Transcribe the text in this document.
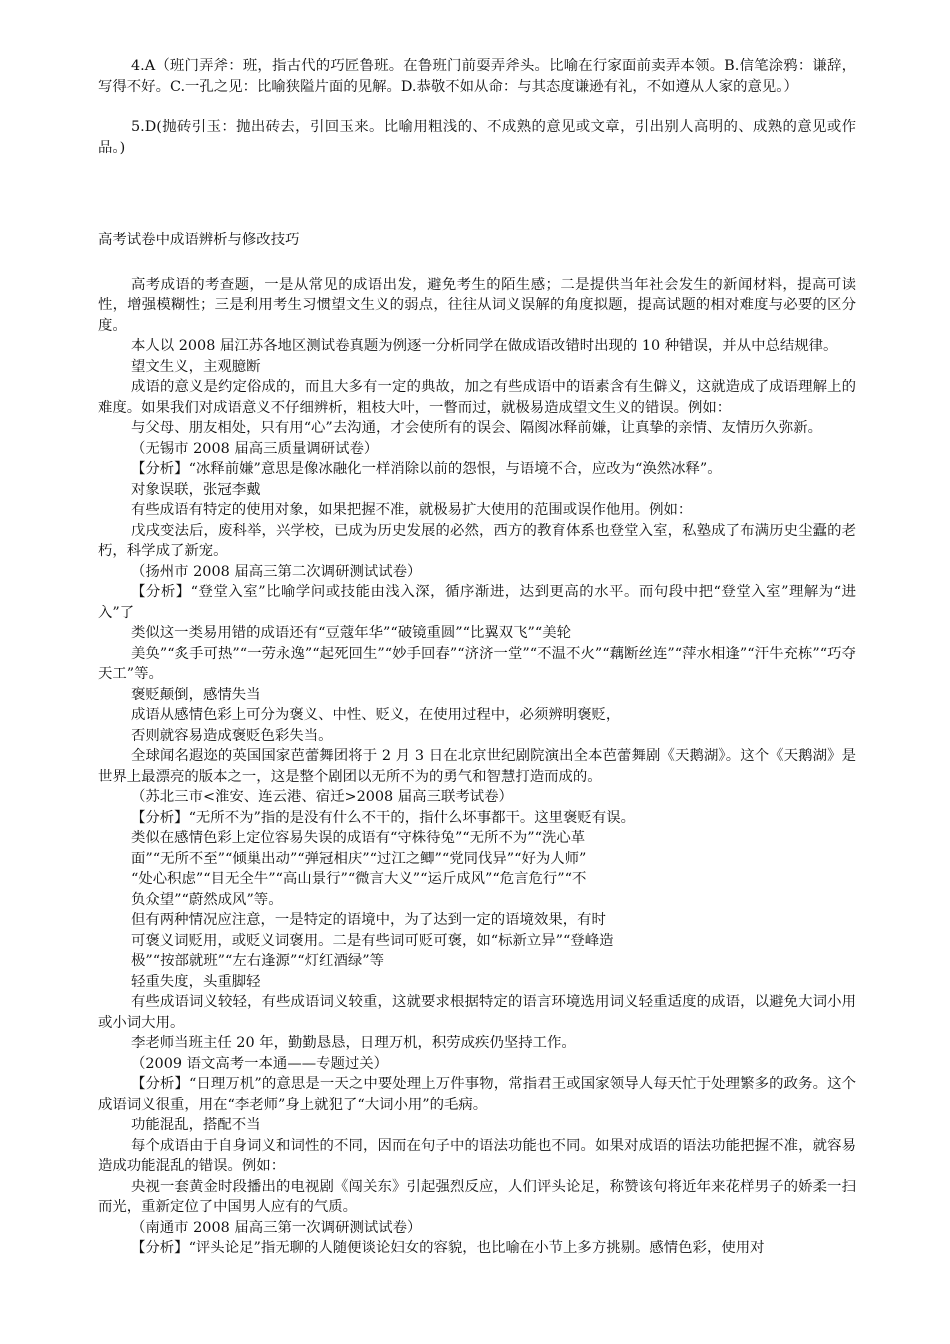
4.A（班门弄斧：班，指古代的巧匠鲁班。在鲁班门前耍弄斧头。比喻在行家面前卖弄本领。B.信笔涂鸦：谦辞，写得不好。C.一孔之见：比喻狭隘片面的见解。D.恭敬不如从命：与其态度谦逊有礼，不如遵从人家的意见。）

5.D(抛砖引玉：抛出砖去，引回玉来。比喻用粗浅的、不成熟的意见或文章，引出别人高明的、成熟的意见或作品。)

高考试卷中成语辨析与修改技巧

高考成语的考查题，一是从常见的成语出发，避免考生的陌生感；二是提供当年社会发生的新闻材料，提高可读性，增强模糊性；三是利用考生习惯望文生义的弱点，往往从词义误解的角度拟题，提高试题的相对难度与必要的区分度。

本人以 2008 届江苏各地区测试卷真题为例逐一分析同学在做成语改错时出现的 10 种错误，并从中总结规律。

望文生义，主观臆断

成语的意义是约定俗成的，而且大多有一定的典故，加之有些成语中的语素含有生僻义，这就造成了成语理解上的难度。如果我们对成语意义不仔细辨析，粗枝大叶，一瞥而过，就极易造成望文生义的错误。例如：

与父母、朋友相处，只有用“心”去沟通，才会使所有的误会、隔阂冰释前嫌，让真挚的亲情、友情历久弥新。

（无锡市 2008 届高三质量调研试卷）

【分析】“冰释前嫌”意思是像冰融化一样消除以前的怨恨，与语境不合，应改为“涣然冰释”。

对象误联，张冠李戴

有些成语有特定的使用对象，如果把握不准，就极易扩大使用的范围或误作他用。例如：

戊戌变法后，废科举，兴学校，已成为历史发展的必然，西方的教育体系也登堂入室，私塾成了布满历史尘蠹的老朽，科学成了新宠。

（扬州市 2008 届高三第二次调研测试试卷）

【分析】“登堂入室”比喻学问或技能由浅入深，循序渐进，达到更高的水平。而句段中把“登堂入室”理解为“进入”了

类似这一类易用错的成语还有“豆蔻年华”“破镜重圆”“比翼双飞”“美轮

美奂”“炙手可热”“一劳永逸”“起死回生”“妙手回春”“济济一堂”“不温不火”“藕断丝连”“萍水相逢”“汗牛充栋”“巧夺天工”等。

褒贬颠倒，感情失当

成语从感情色彩上可分为褒义、中性、贬义，在使用过程中，必须辨明褒贬，

否则就容易造成褒贬色彩失当。

全球闻名遐迩的英国国家芭蕾舞团将于 2 月 3 日在北京世纪剧院演出全本芭蕾舞剧《天鹅湖》。这个《天鹅湖》是世界上最漂亮的版本之一，这是整个剧团以无所不为的勇气和智慧打造而成的。

（苏北三市<淮安、连云港、宿迁>2008 届高三联考试卷）

【分析】“无所不为”指的是没有什么不干的，指什么坏事都干。这里褒贬有误。

类似在感情色彩上定位容易失误的成语有“守株待兔”“无所不为”“洗心革

面”“无所不至”“倾巢出动”“弹冠相庆”“过江之鲫”“党同伐异”“好为人师”

“处心积虑”“目无全牛”“高山景行”“微言大义”“运斤成风”“危言危行”“不

负众望”“蔚然成风”等。

但有两种情况应注意，一是特定的语境中，为了达到一定的语境效果，有时

可褒义词贬用，或贬义词褒用。二是有些词可贬可褒，如“标新立异”“登峰造

极”“按部就班”“左右逢源”“灯红酒绿”等

轻重失度，头重脚轻

有些成语词义较轻，有些成语词义较重，这就要求根据特定的语言环境选用词义轻重适度的成语，以避免大词小用或小词大用。

李老师当班主任 20 年，勤勤恳恳，日理万机，积劳成疾仍坚持工作。

（2009 语文高考一本通——专题过关）

【分析】“日理万机”的意思是一天之中要处理上万件事物，常指君王或国家领导人每天忙于处理繁多的政务。这个成语词义很重，用在“李老师”身上就犯了“大词小用”的毛病。

功能混乱，搭配不当

每个成语由于自身词义和词性的不同，因而在句子中的语法功能也不同。如果对成语的语法功能把握不准，就容易造成功能混乱的错误。例如：

央视一套黄金时段播出的电视剧《闯关东》引起强烈反应，人们评头论足，称赞该句将近年来花样男子的娇柔一扫而光，重新定位了中国男人应有的气质。

（南通市 2008 届高三第一次调研测试试卷）

【分析】“评头论足”指无聊的人随便谈论妇女的容貌，也比喻在小节上多方挑剔。感情色彩，使用对
